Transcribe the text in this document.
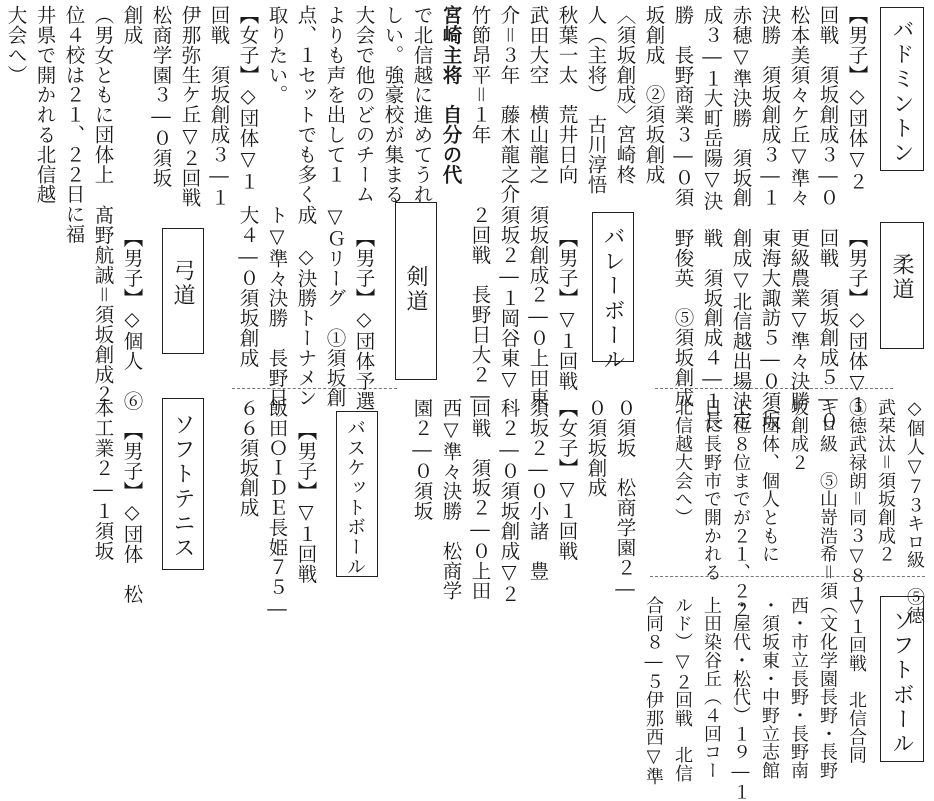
バドミントン
【男子】◇団体▽２
回戦　須坂創成３―０
松本美須々ケ丘▽準々
決勝　須坂創成３―１
赤穂▽準決勝　須坂創
成３―１大町岳陽▽決
勝　長野商業３―０須
坂創成　②須坂創成
〈須坂創成〉宮崎柊
人（主将）　古川淳悟
秋葉一太　荒井日向
武田大空　横山龍之
介＝３年　藤木龍之介
竹節昂平＝１年
宮崎主将　自分の代
で北信越に進めてうれ
しい。強豪校が集まる
大会で他のどのチーム
よりも声を出して１
点、１セットでも多く
取りたい。
【女子】◇団体▽１
回戦　須坂創成３―１
伊那弥生ケ丘▽２回戦
松商学園３―０須坂
創成
（男女ともに団体上
位４校は２１、２２日に福
井県で開かれる北信越
大会へ）
柔道
【男子】◇団体▽１
回戦　須坂創成５―０
更級農業▽準々決勝
東海大諏訪５―０須坂
創成▽北信越出場決定
戦　須坂創成４―１長
野俊英　⑤須坂創成
◇個人▽７３キロ級　⑤徳
武栞汰＝須坂創成２
⑤徳武禄朗＝同３▽８１
キロ級　⑤山嵜浩希＝須
坂創成２
（団体、個人ともに
上位８位までが２１、２２
日に長野市で開かれる
北信越大会へ）
ソフトボール
▽１回戦　北信合同
（文化学園長野・長野
西・市立長野・長野南
・須坂東・中野立志館
・屋代・松代）１９―１
上田染谷丘（４回コー
ルド）▽２回戦　北信
合同８―５伊那西▽準
バレーボール
【男子】▽１回戦
須坂創成２―０上田東
須坂２―１岡谷東▽
２回戦　長野日大２―
０須坂　松商学園２―
０須坂創成
【女子】▽１回戦
須坂２―０小諸　豊
科２―０須坂創成▽２
回戦　須坂２―０上田
西▽準々決勝　松商学
園２―０須坂
剣道
【男子】◇団体予選
▽Ｇリーグ　①須坂創
成　◇決勝トーナメン
ト▽準々決勝　長野日
大４―０須坂創成
バスケットボール
【男子】▽１回戦
飯田ＯＩＤＥ長姫７５―
６６須坂創成
弓道
【男子】◇個人　⑥
髙野航誠＝須坂創成２
ソフトテニス
【男子】◇団体　松
本工業２―１須坂
